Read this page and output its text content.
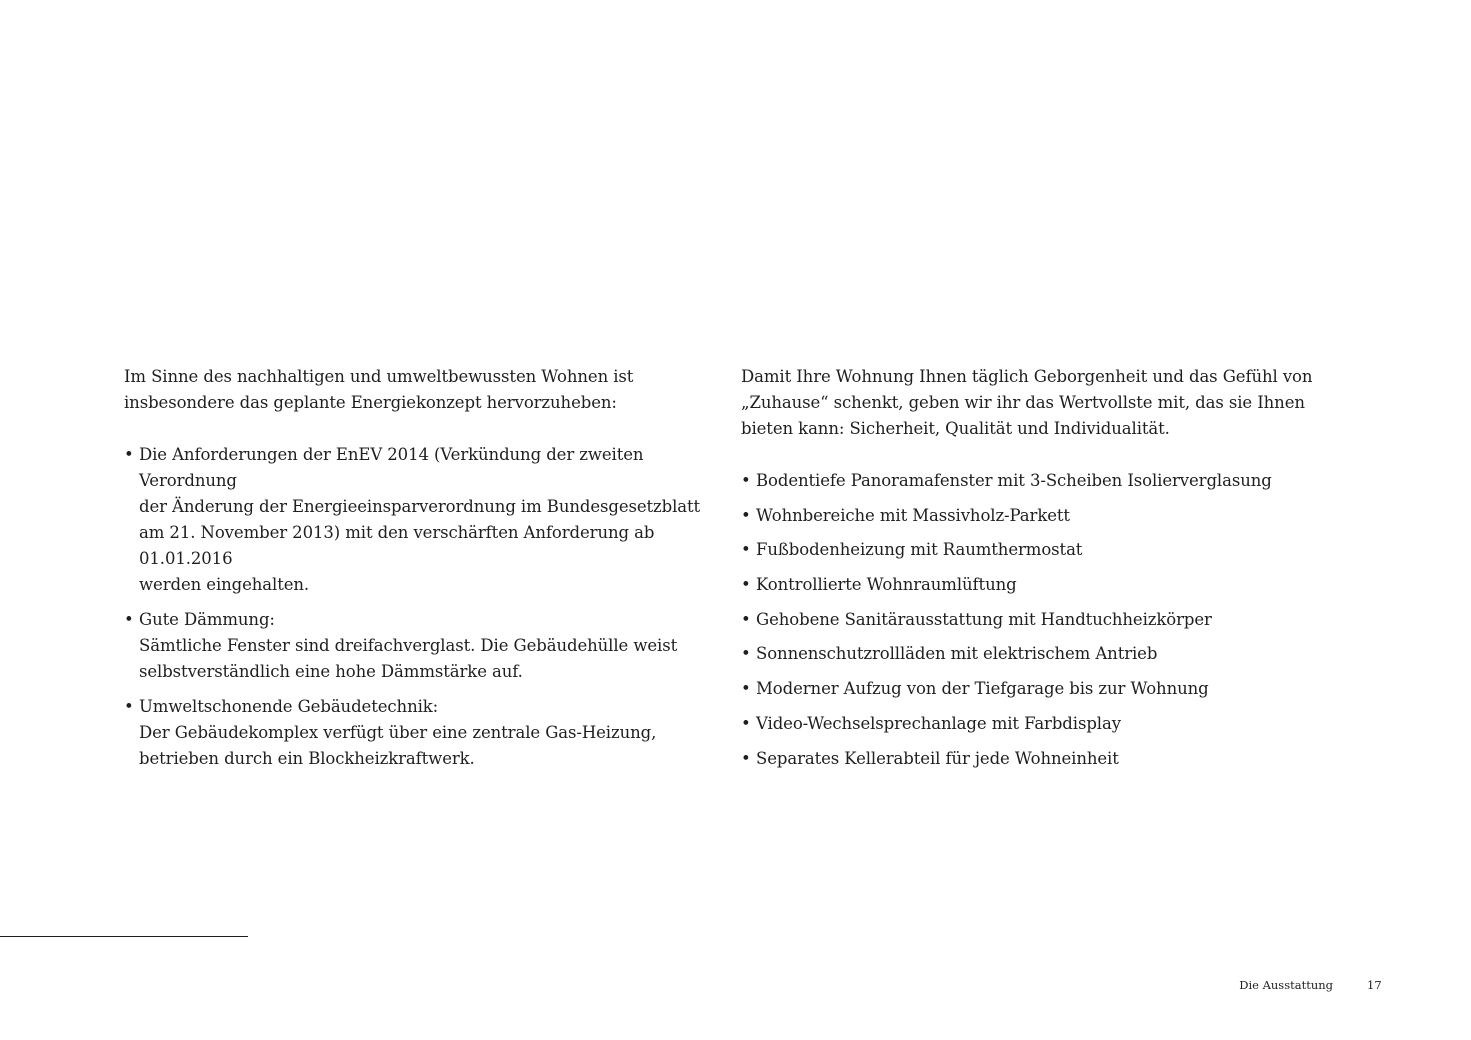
Im Sinne des nachhaltigen und umweltbewussten Wohnen ist insbesondere das geplante Energiekonzept hervorzuheben:

• Die Anforderungen der EnEV 2014 (Verkündung der zweiten Verordnung
der Änderung der Energieeinsparverordnung im Bundesgesetzblatt
am 21. November 2013) mit den verschärften Anforderung ab 01.01.2016
werden eingehalten.
• Gute Dämmung:
Sämtliche Fenster sind dreifachverglast. Die Gebäudehülle weist
selbstverständlich eine hohe Dämmstärke auf.
• Umweltschonende Gebäudetechnik:
Der Gebäudekomplex verfügt über eine zentrale Gas-Heizung,
betrieben durch ein Blockheizkraftwerk.

Damit Ihre Wohnung Ihnen täglich Geborgenheit und das Gefühl von „Zuhause“ schenkt, geben wir ihr das Wertvollste mit, das sie Ihnen bieten kann: Sicherheit, Qualität und Individualität.

• Bodentiefe Panoramafenster mit 3-Scheiben Isolierverglasung
• Wohnbereiche mit Massivholz-Parkett
• Fußbodenheizung mit Raumthermostat
• Kontrollierte Wohnraumlüftung
• Gehobene Sanitärausstattung mit Handtuchheizkörper
• Sonnenschutzrollläden mit elektrischem Antrieb
• Moderner Aufzug von der Tiefgarage bis zur Wohnung
• Video-Wechselsprechanlage mit Farbdisplay
• Separates Kellerabteil für jede Wohneinheit
Die Ausstattung	17
